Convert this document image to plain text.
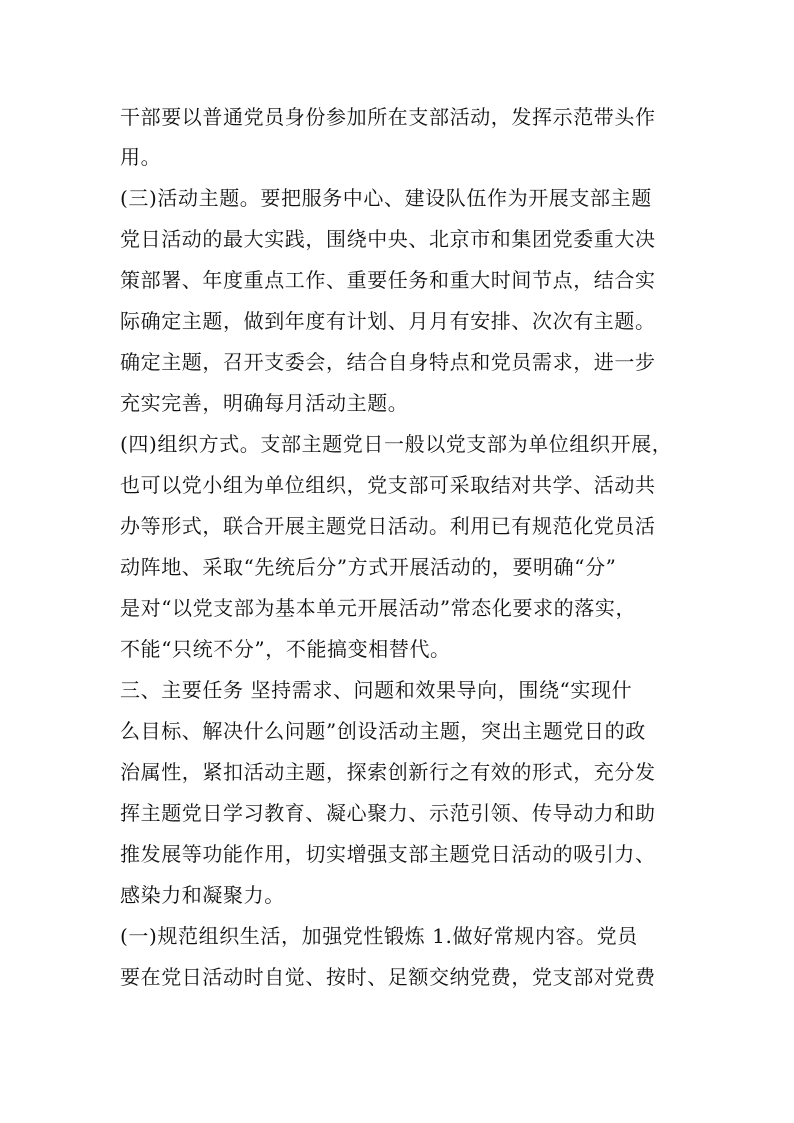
干部要以普通党员身份参加所在支部活动，发挥示范带头作
用。
(三)活动主题。要把服务中心、建设队伍作为开展支部主题
党日活动的最大实践，围绕中央、北京市和集团党委重大决
策部署、年度重点工作、重要任务和重大时间节点，结合实
际确定主题，做到年度有计划、月月有安排、次次有主题。
确定主题，召开支委会，结合自身特点和党员需求，进一步
充实完善，明确每月活动主题。
(四)组织方式。支部主题党日一般以党支部为单位组织开展，
也可以党小组为单位组织，党支部可采取结对共学、活动共
办等形式，联合开展主题党日活动。利用已有规范化党员活
动阵地、采取“先统后分”方式开展活动的，要明确“分”
是对“以党支部为基本单元开展活动”常态化要求的落实，
不能“只统不分”，不能搞变相替代。
三、主要任务 坚持需求、问题和效果导向，围绕“实现什
么目标、解决什么问题”创设活动主题，突出主题党日的政
治属性，紧扣活动主题，探索创新行之有效的形式，充分发
挥主题党日学习教育、凝心聚力、示范引领、传导动力和助
推发展等功能作用，切实增强支部主题党日活动的吸引力、
感染力和凝聚力。
(一)规范组织生活，加强党性锻炼 1.做好常规内容。党员
要在党日活动时自觉、按时、足额交纳党费，党支部对党费
